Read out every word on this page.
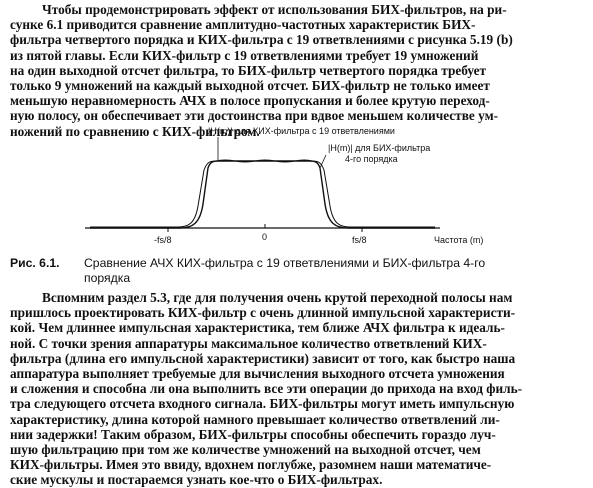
Чтобы продемонстрировать эффект от использования БИХ-фильтров, на ри-
сунке 6.1 приводится сравнение амплитудно-частотных характеристик БИХ-
фильтра четвертого порядка и КИХ-фильтра с 19 ответвлениями с рисунка 5.19 (b)
из пятой главы. Если КИХ-фильтр с 19 ответвлениями требует 19 умножений
на один выходной отсчет фильтра, то БИХ-фильтр четвертого порядка требует
только 9 умножений на каждый выходной отсчет. БИХ-фильтр не только имеет
меньшую неравномерность АЧХ в полосе пропускания и более крутую переход-
ную полосу, он обеспечивает эти достоинства при вдвое меньшем количестве ум-
ножений по сравнению с КИХ-фильтром.
|H(m)| для КИХ-фильтра с 19 ответвлениями
|H(m)| для БИХ-фильтра
4-го порядка
-fs/8	0	fs/8	Частота (m)
Рис. 6.1. Сравнение АЧХ КИХ-фильтра с 19 ответвлениями и БИХ-фильтра 4-го
порядка
Вспомним раздел 5.3, где для получения очень крутой переходной полосы нам
пришлось проектировать КИХ-фильтр с очень длинной импульсной характеристи-
кой. Чем длиннее импульсная характеристика, тем ближе АЧХ фильтра к идеаль-
ной. С точки зрения аппаратуры максимальное количество ответвлений КИХ-
фильтра (длина его импульсной характеристики) зависит от того, как быстро наша
аппаратура выполняет требуемые для вычисления выходного отсчета умножения
и сложения и способна ли она выполнить все эти операции до прихода на вход филь-
тра следующего отсчета входного сигнала. БИХ-фильтры могут иметь импульсную
характеристику, длина которой намного превышает количество ответвлений ли-
нии задержки! Таким образом, БИХ-фильтры способны обеспечить гораздо луч-
шую фильтрацию при том же количестве умножений на выходной отсчет, чем
КИХ-фильтры. Имея это ввиду, вдохнем поглубже, разомнем наши математиче-
ские мускулы и постараемся узнать кое-что о БИХ-фильтрах.
